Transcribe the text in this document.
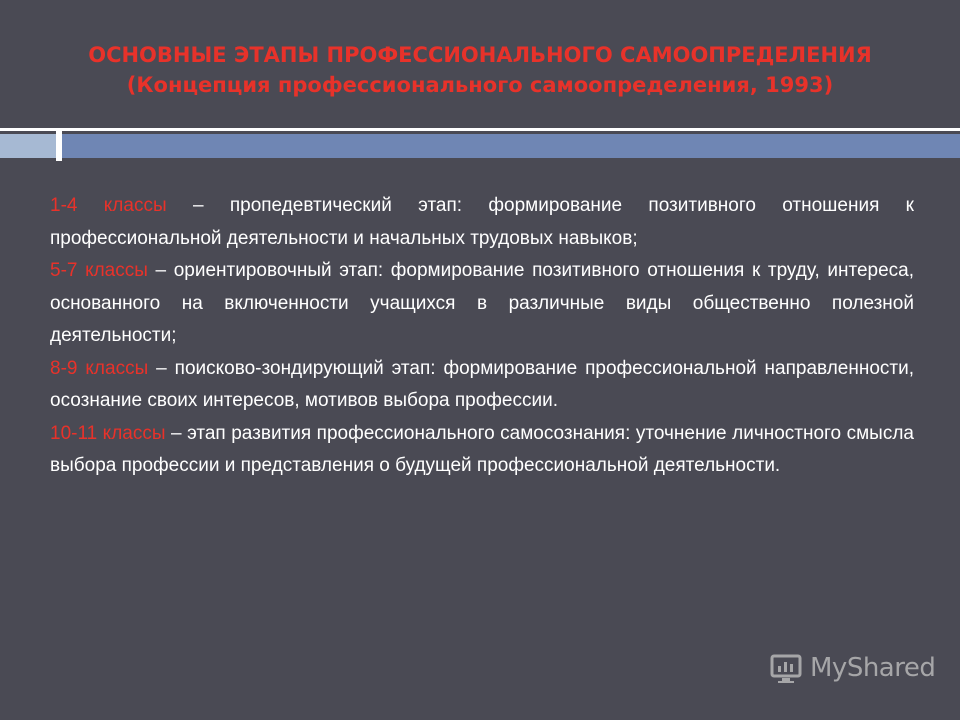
ОСНОВНЫЕ ЭТАПЫ ПРОФЕССИОНАЛЬНОГО САМООПРЕДЕЛЕНИЯ
(Концепция профессионального самоопределения, 1993)

1-4 классы – пропедевтический этап: формирование позитивного отношения к профессиональной деятельности и начальных трудовых навыков;

5-7 классы – ориентировочный этап: формирование позитивного отношения к труду, интереса, основанного на включенности учащихся в различные виды общественно полезной деятельности;

8-9 классы – поисково-зондирующий этап: формирование профессиональной направленности, осознание своих интересов, мотивов выбора профессии.

10-11 классы – этап развития профессионального самосознания: уточнение личностного смысла выбора профессии и представления о будущей профессиональной деятельности.

MyShared
